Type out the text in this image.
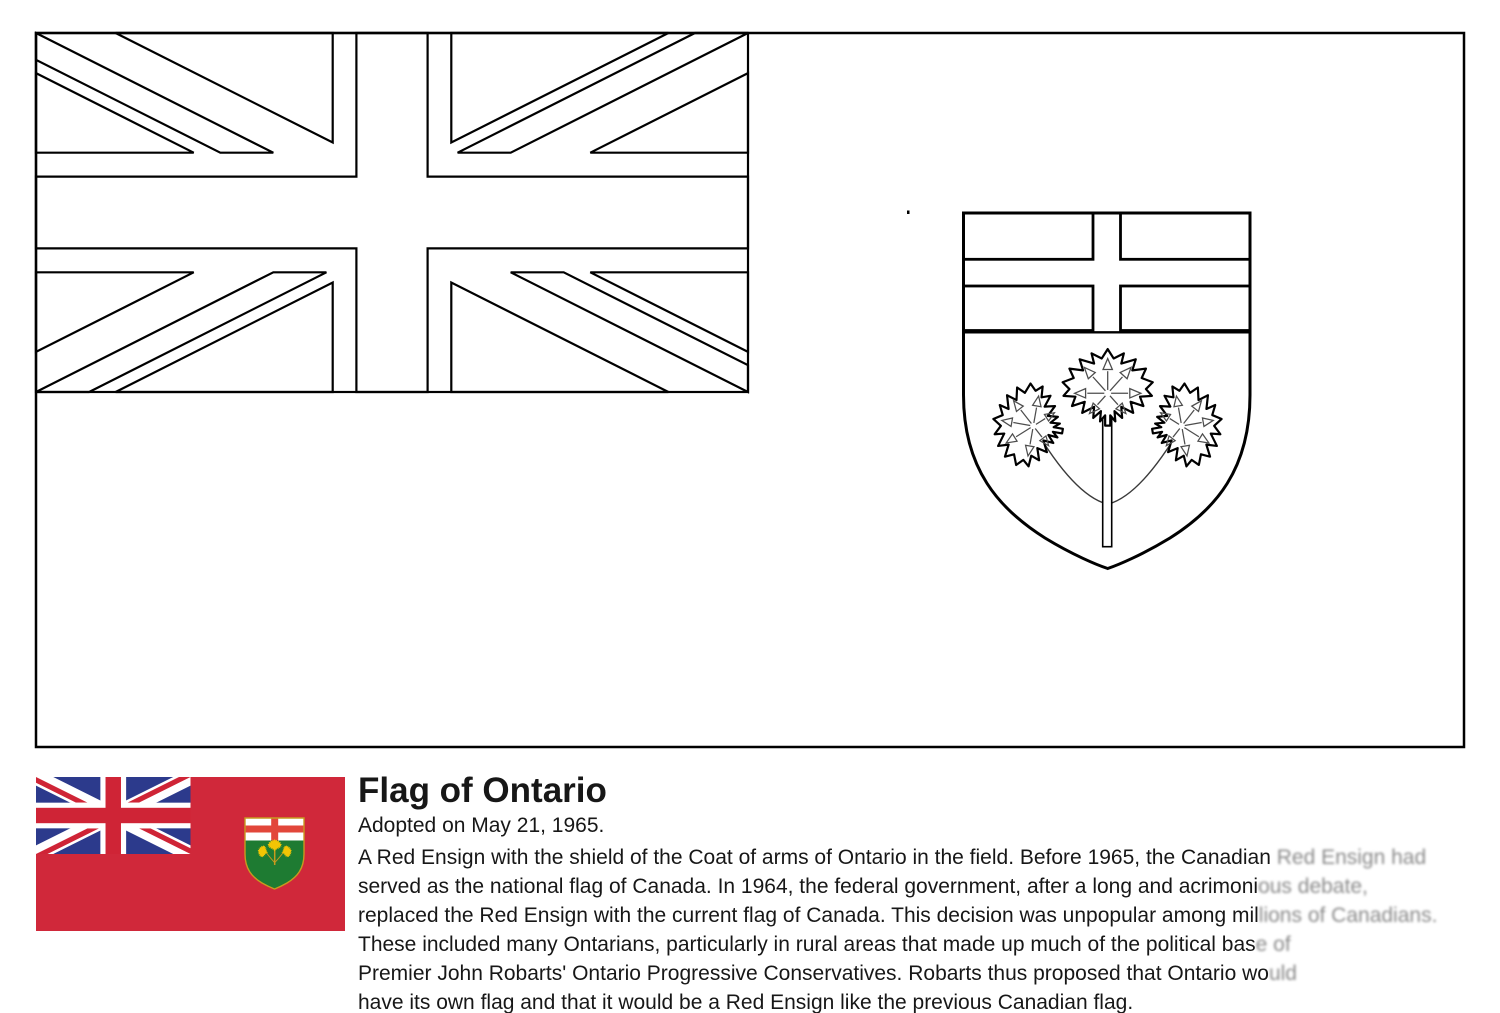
Flag of Ontario
Adopted on May 21, 1965.
A Red Ensign with the shield of the Coat of arms of Ontario in the field. Before 1965, the Canadian Red Ensign had
served as the national flag of Canada. In 1964, the federal government, after a long and acrimonious debate,
replaced the Red Ensign with the current flag of Canada. This decision was unpopular among millions of Canadians.
These included many Ontarians, particularly in rural areas that made up much of the political base of
Premier John Robarts' Ontario Progressive Conservatives. Robarts thus proposed that Ontario would
have its own flag and that it would be a Red Ensign like the previous Canadian flag.
